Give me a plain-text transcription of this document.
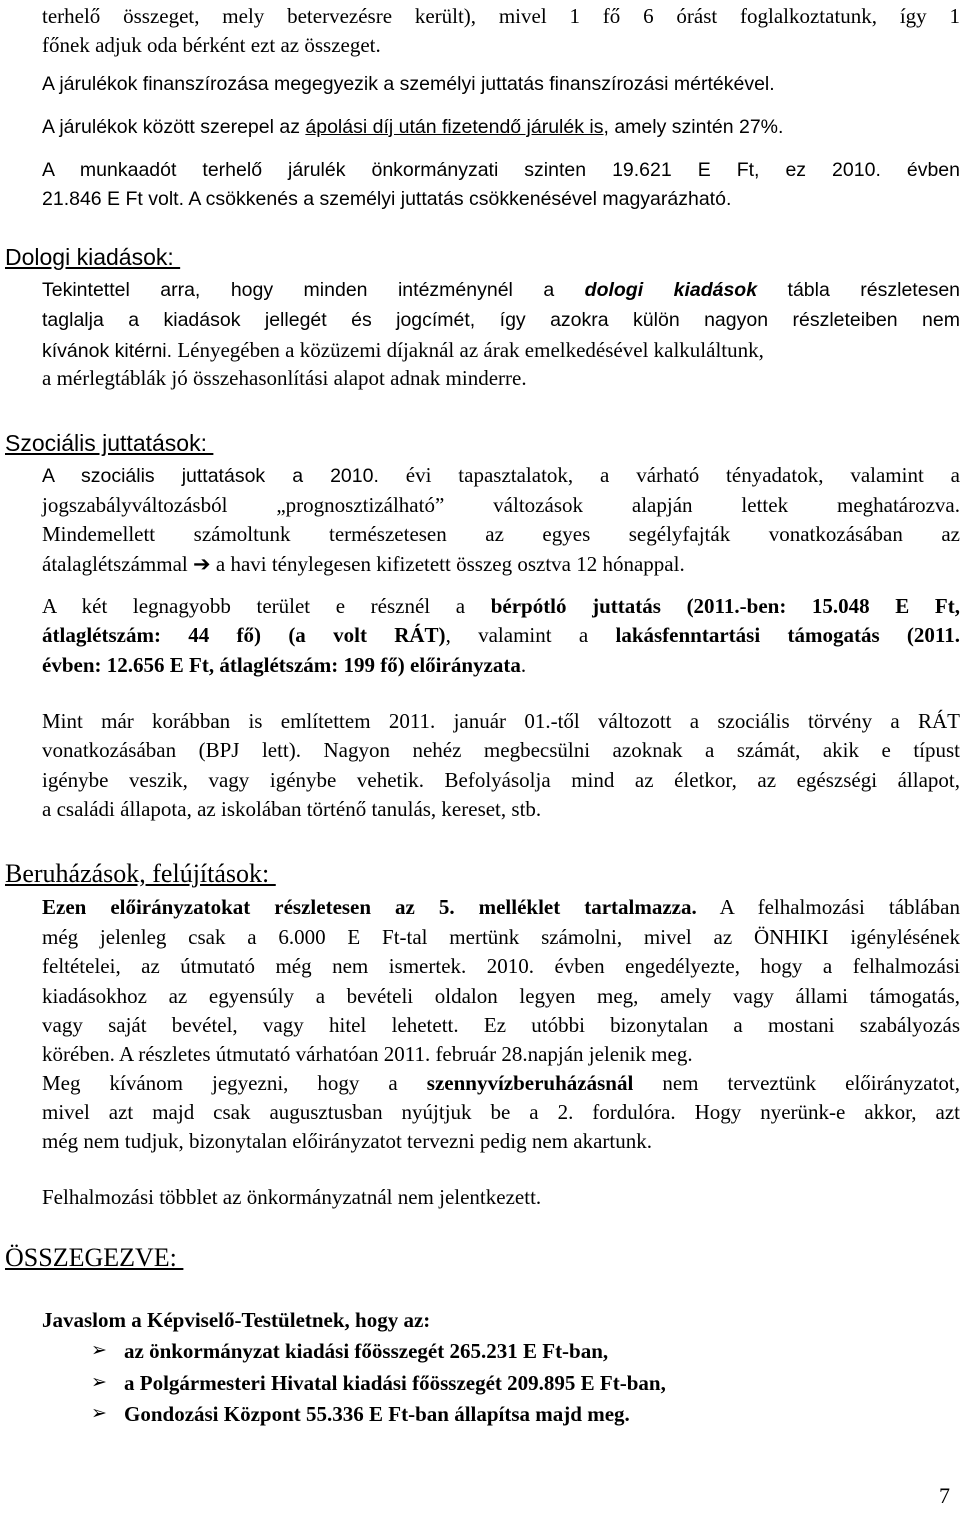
terhelő összeget, mely betervezésre került), mivel 1 fő 6 órást foglalkoztatunk, így 1

főnek adjuk oda bérként ezt az összeget.

A járulékok finanszírozása megegyezik a személyi juttatás finanszírozási mértékével.

A járulékok között szerepel az ápolási díj után fizetendő járulék is, amely szintén 27%.

A munkaadót terhelő járulék önkormányzati szinten 19.621 E Ft, ez 2010. évben

21.846 E Ft volt. A csökkenés a személyi juttatás csökkenésével magyarázható.

Dologi kiadások:

Tekintettel arra, hogy minden intézménynél a dologi kiadások tábla részletesen

taglalja a kiadások jellegét és jogcímét, így azokra külön nagyon részleteiben nem

kívánok kitérni. Lényegében a közüzemi díjaknál az árak emelkedésével kalkuláltunk,

a mérlegtáblák jó összehasonlítási alapot adnak minderre.

Szociális juttatások:

A szociális juttatások a 2010. évi tapasztalatok, a várható tényadatok, valamint a

jogszabályváltozásból „prognosztizálható” változások alapján lettek meghatározva.

Mindemellett számoltunk természetesen az egyes segélyfajták vonatkozásában az

átalaglétszámmal ➔ a havi ténylegesen kifizetett összeg osztva 12 hónappal.

A két legnagyobb terület e résznél a bérpótló juttatás (2011.-ben: 15.048 E Ft,

átlaglétszám: 44 fő) (a volt RÁT), valamint a lakásfenntartási támogatás (2011.

évben: 12.656 E Ft, átlaglétszám: 199 fő) előirányzata.

Mint már korábban is említettem 2011. január 01.-től változott a szociális törvény a RÁT

vonatkozásában (BPJ lett). Nagyon nehéz megbecsülni azoknak a számát, akik e típust

igénybe veszik, vagy igénybe vehetik. Befolyásolja mind az életkor, az egészségi állapot,

a családi állapota, az iskolában történő tanulás, kereset, stb.

Beruházások, felújítások:

Ezen előirányzatokat részletesen az 5. melléklet tartalmazza. A felhalmozási táblában

még jelenleg csak a 6.000 E Ft-tal mertünk számolni, mivel az ÖNHIKI igénylésének

feltételei, az útmutató még nem ismertek. 2010. évben engedélyezte, hogy a felhalmozási

kiadásokhoz az egyensúly a bevételi oldalon legyen meg, amely vagy állami támogatás,

vagy saját bevétel, vagy hitel lehetett. Ez utóbbi bizonytalan a mostani szabályozás

körében. A részletes útmutató várhatóan 2011. február 28.napján jelenik meg.

Meg kívánom jegyezni, hogy a szennyvízberuházásnál nem terveztünk előirányzatot,

mivel azt majd csak augusztusban nyújtjuk be a 2. fordulóra. Hogy nyerünk-e akkor, azt

még nem tudjuk, bizonytalan előirányzatot tervezni pedig nem akartunk.

Felhalmozási többlet az önkormányzatnál nem jelentkezett.

ÖSSZEGEZVE:

Javaslom a Képviselő-Testületnek, hogy az:

➢ az önkormányzat kiadási főösszegét 265.231 E Ft-ban,
➢ a Polgármesteri Hivatal kiadási főösszegét 209.895 E Ft-ban,
➢ Gondozási Központ 55.336 E Ft-ban állapítsa majd meg.
7
